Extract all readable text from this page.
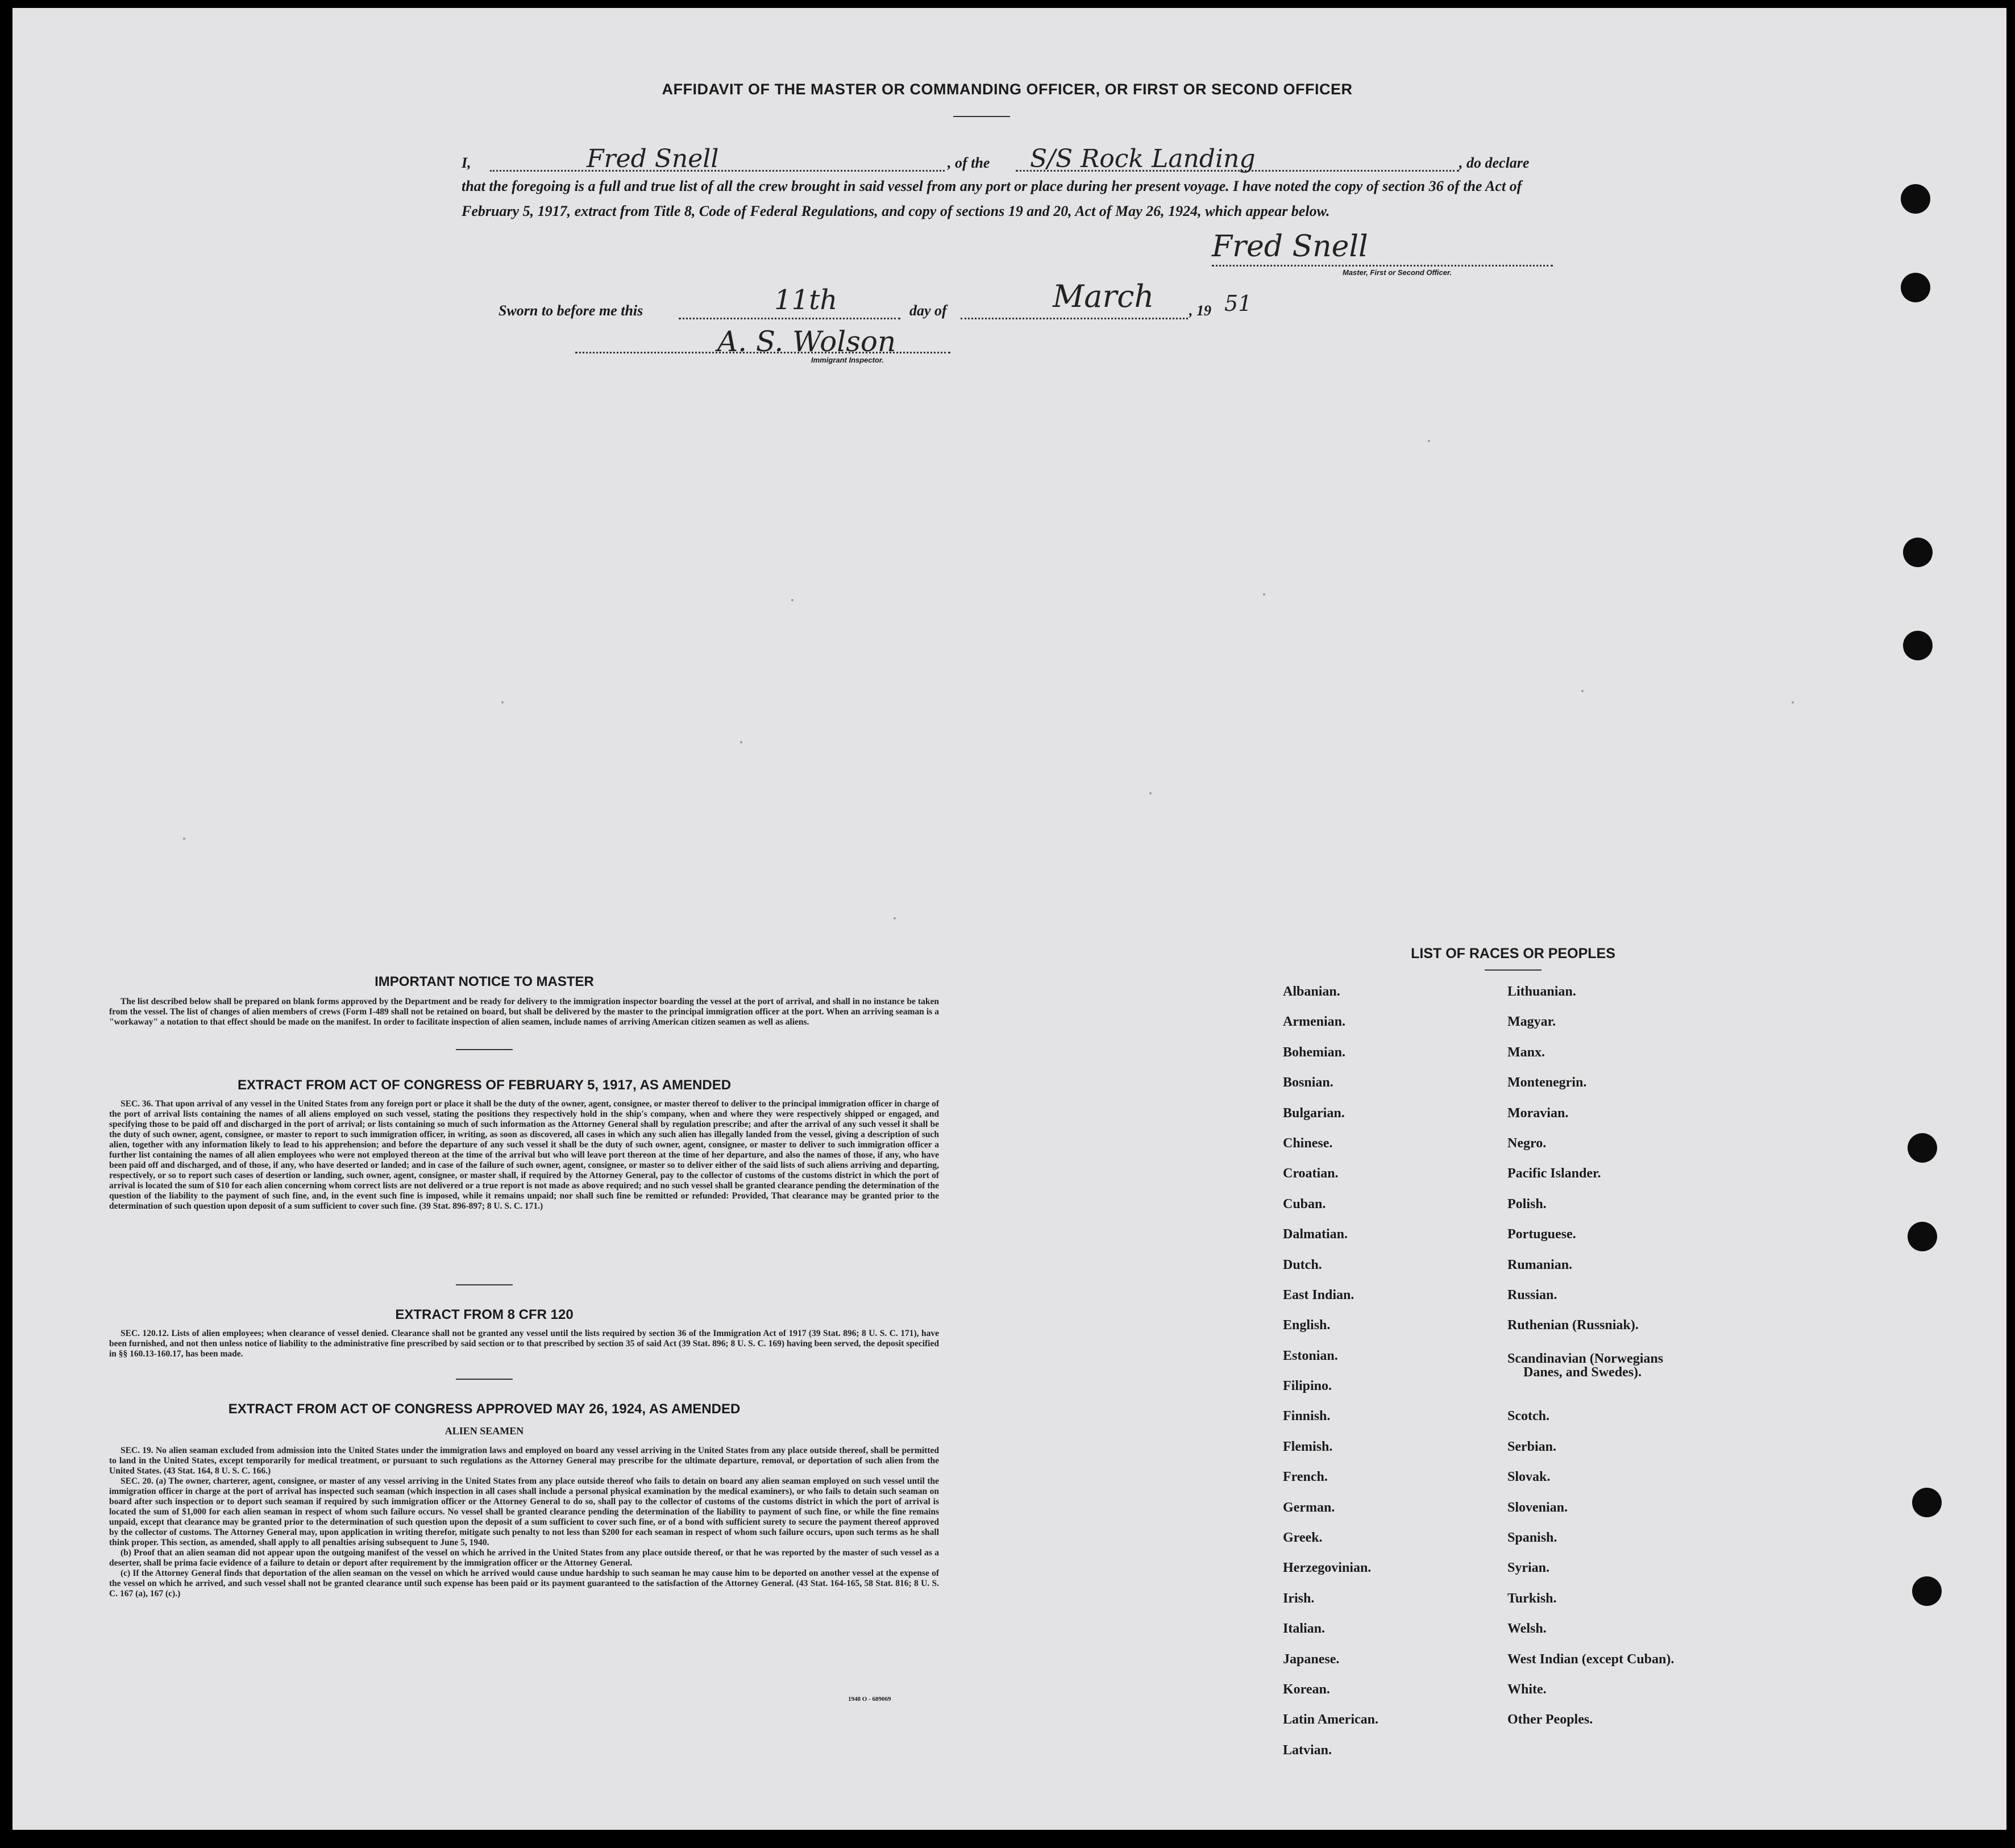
AFFIDAVIT OF THE MASTER OR COMMANDING OFFICER, OR FIRST OR SECOND OFFICER
I,	Fred Snell	, of the S/S Rock Landing	, do declare
that the foregoing is a full and true list of all the crew brought in said vessel from any port or place during her present voyage. I have noted the copy of section 36 of the Act of February 5, 1917, extract from Title 8, Code of Federal Regulations, and copy of sections 19 and 20, Act of May 26, 1924, which appear below.
Fred Snell
Master, First or Second Officer.
Sworn to before me this	11th	day of	March , 19 51
A. S. Wolson
Immigrant Inspector.
IMPORTANT NOTICE TO MASTER

The list described below shall be prepared on blank forms approved by the Department and be ready for delivery to the immigration inspector boarding the vessel at the port of arrival, and shall in no instance be taken from the vessel. The list of changes of alien members of crews (Form I-489 shall not be retained on board, but shall be delivered by the master to the principal immigration officer at the port. When an arriving seaman is a "workaway" a notation to that effect should be made on the manifest. In order to facilitate inspection of alien seamen, include names of arriving American citizen seamen as well as aliens.

EXTRACT FROM ACT OF CONGRESS OF FEBRUARY 5, 1917, AS AMENDED

SEC. 36. That upon arrival of any vessel in the United States from any foreign port or place it shall be the duty of the owner, agent, consignee, or master thereof to deliver to the principal immigration officer in charge of the port of arrival lists containing the names of all aliens employed on such vessel, stating the positions they respectively hold in the ship's company, when and where they were respectively shipped or engaged, and specifying those to be paid off and discharged in the port of arrival; or lists containing so much of such information as the Attorney General shall by regulation prescribe; and after the arrival of any such vessel it shall be the duty of such owner, agent, consignee, or master to report to such immigration officer, in writing, as soon as discovered, all cases in which any such alien has illegally landed from the vessel, giving a description of such alien, together with any information likely to lead to his apprehension; and before the departure of any such vessel it shall be the duty of such owner, agent, consignee, or master to deliver to such immigration officer a further list containing the names of all alien employees who were not employed thereon at the time of the arrival but who will leave port thereon at the time of her departure, and also the names of those, if any, who have been paid off and discharged, and of those, if any, who have deserted or landed; and in case of the failure of such owner, agent, consignee, or master so to deliver either of the said lists of such aliens arriving and departing, respectively, or so to report such cases of desertion or landing, such owner, agent, consignee, or master shall, if required by the Attorney General, pay to the collector of customs of the customs district in which the port of arrival is located the sum of $10 for each alien concerning whom correct lists are not delivered or a true report is not made as above required; and no such vessel shall be granted clearance pending the determination of the question of the liability to the payment of such fine, and, in the event such fine is imposed, while it remains unpaid; nor shall such fine be remitted or refunded: Provided, That clearance may be granted prior to the determination of such question upon deposit of a sum sufficient to cover such fine. (39 Stat. 896-897; 8 U. S. C. 171.)

EXTRACT FROM 8 CFR 120

SEC. 120.12. Lists of alien employees; when clearance of vessel denied. Clearance shall not be granted any vessel until the lists required by section 36 of the Immigration Act of 1917 (39 Stat. 896; 8 U. S. C. 171), have been furnished, and not then unless notice of liability to the administrative fine prescribed by said section or to that prescribed by section 35 of said Act (39 Stat. 896; 8 U. S. C. 169) having been served, the deposit specified in §§ 160.13-160.17, has been made.

EXTRACT FROM ACT OF CONGRESS APPROVED MAY 26, 1924, AS AMENDED
ALIEN SEAMEN

SEC. 19. No alien seaman excluded from admission into the United States under the immigration laws and employed on board any vessel arriving in the United States from any place outside thereof, shall be permitted to land in the United States, except temporarily for medical treatment, or pursuant to such regulations as the Attorney General may prescribe for the ultimate departure, removal, or deportation of such alien from the United States. (43 Stat. 164, 8 U. S. C. 166.)

SEC. 20. (a) The owner, charterer, agent, consignee, or master of any vessel arriving in the United States from any place outside thereof who fails to detain on board any alien seaman employed on such vessel until the immigration officer in charge at the port of arrival has inspected such seaman (which inspection in all cases shall include a personal physical examination by the medical examiners), or who fails to detain such seaman on board after such inspection or to deport such seaman if required by such immigration officer or the Attorney General to do so, shall pay to the collector of customs of the customs district in which the port of arrival is located the sum of $1,000 for each alien seaman in respect of whom such failure occurs. No vessel shall be granted clearance pending the determination of the liability to payment of such fine, or while the fine remains unpaid, except that clearance may be granted prior to the determination of such question upon the deposit of a sum sufficient to cover such fine, or of a bond with sufficient surety to secure the payment thereof approved by the collector of customs. The Attorney General may, upon application in writing therefor, mitigate such penalty to not less than $200 for each seaman in respect of whom such failure occurs, upon such terms as he shall think proper. This section, as amended, shall apply to all penalties arising subsequent to June 5, 1940.

(b) Proof that an alien seaman did not appear upon the outgoing manifest of the vessel on which he arrived in the United States from any place outside thereof, or that he was reported by the master of such vessel as a deserter, shall be prima facie evidence of a failure to detain or deport after requirement by the immigration officer or the Attorney General.

(c) If the Attorney General finds that deportation of the alien seaman on the vessel on which he arrived would cause undue hardship to such seaman he may cause him to be deported on another vessel at the expense of the vessel on which he arrived, and such vessel shall not be granted clearance until such expense has been paid or its payment guaranteed to the satisfaction of the Attorney General. (43 Stat. 164-165, 58 Stat. 816; 8 U. S. C. 167 (a), 167 (c).)

1948 O - 689069
LIST OF RACES OR PEOPLES
Albanian.
Armenian.
Bohemian.
Bosnian.
Bulgarian.
Chinese.
Croatian.
Cuban.
Dalmatian.
Dutch.
East Indian.
English.
Estonian.
Filipino.
Finnish.
Flemish.
French.
German.
Greek.
Herzegovinian.
Irish.
Italian.
Japanese.
Korean.
Latin American.
Latvian.
Lithuanian.
Magyar.
Manx.
Montenegrin.
Moravian.
Negro.
Pacific Islander.
Polish.
Portuguese.
Rumanian.
Russian.
Ruthenian (Russniak).
Scandinavian (Norwegians
Danes, and Swedes).
Scotch.
Serbian.
Slovak.
Slovenian.
Spanish.
Syrian.
Turkish.
Welsh.
West Indian (except Cuban).
White.
Other Peoples.
